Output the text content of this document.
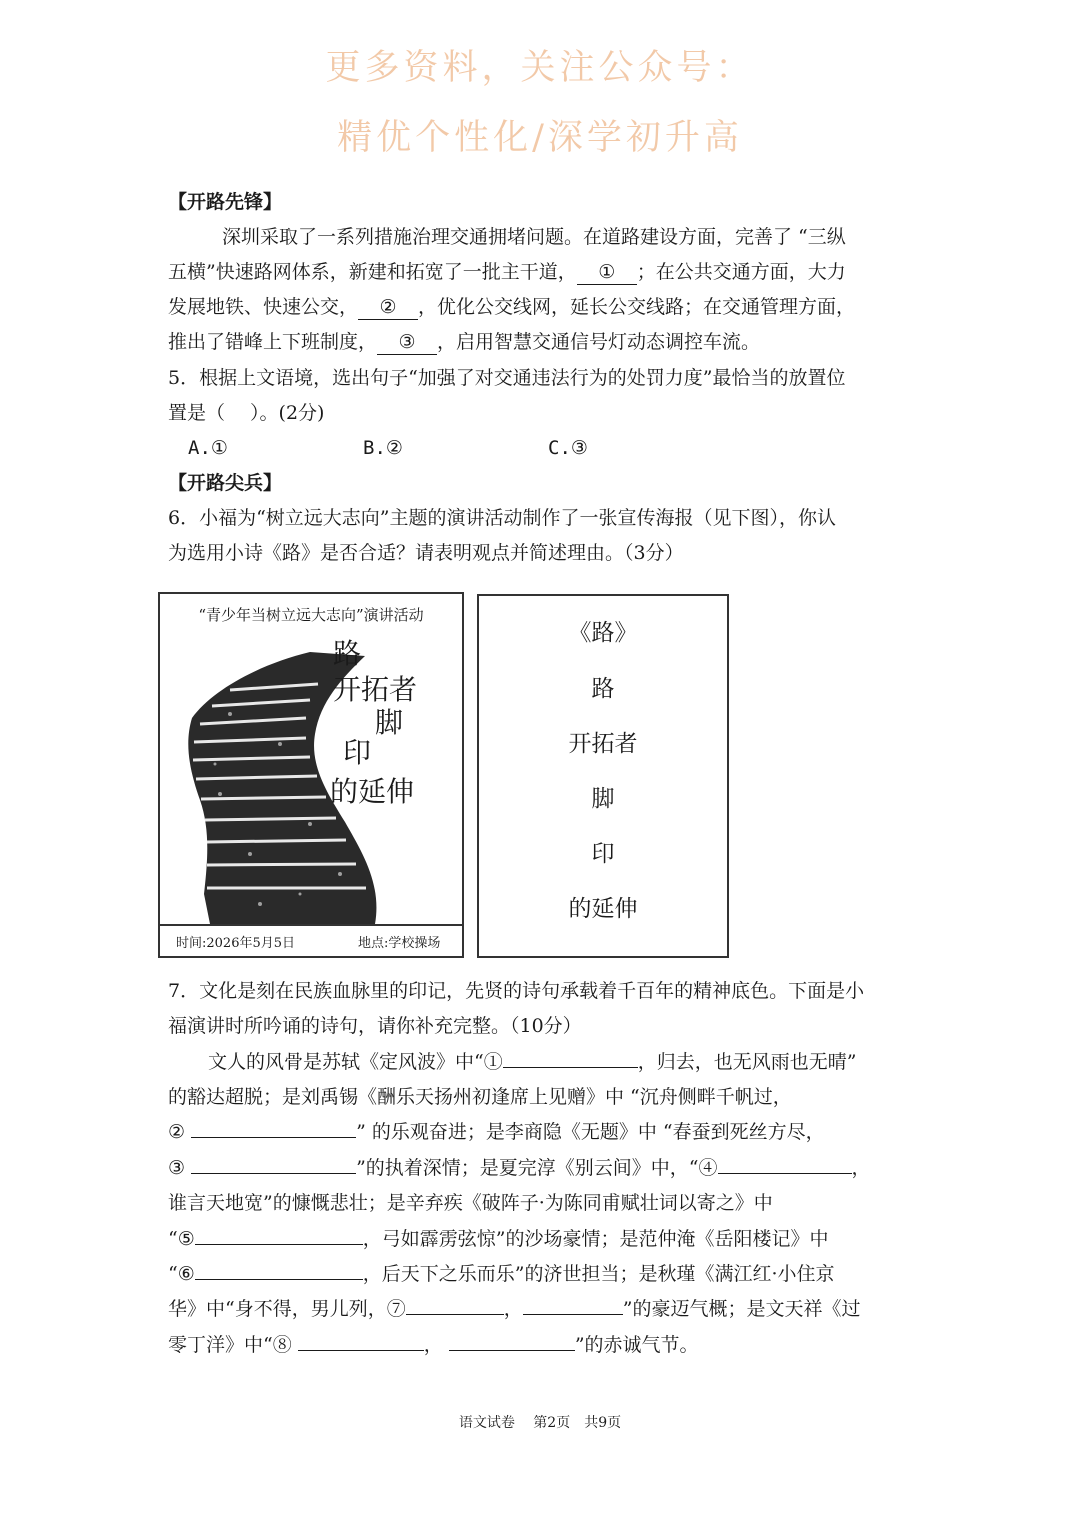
更多资料，关注公众号：
精优个性化/深学初升高
【开路先锋】
深圳采取了一系列措施治理交通拥堵问题。在道路建设方面，完善了 “三纵
五横”快速路网体系，新建和拓宽了一批主干道， ① ；在公共交通方面，大力
发展地铁、快速公交， ② ，优化公交线网，延长公交线路；在交通管理方面，
推出了错峰上下班制度， ③ ，启用智慧交通信号灯动态调控车流。
5．根据上文语境，选出句子“加强了对交通违法行为的处罚力度”最恰当的放置位
置是（　 ）。(2分)
A.①	B.②	C.③
【开路尖兵】
6．小福为“树立远大志向”主题的演讲活动制作了一张宣传海报（见下图），你认
为选用小诗《路》是否合适？请表明观点并简述理由。（3分）
“青少年当树立远大志向”演讲活动
路
开拓者
脚
印
的延伸
时间:2026年5月5日	地点:学校操场
《路》
路
开拓者
脚
印
的延伸
7．文化是刻在民族血脉里的印记，先贤的诗句承载着千百年的精神底色。下面是小
福演讲时所吟诵的诗句，请你补充完整。（10分）
文人的风骨是苏轼《定风波》中“①	，归去，也无风雨也无晴”
的豁达超脱；是刘禹锡《酬乐天扬州初逢席上见赠》中 “沉舟侧畔千帆过，
②	” 的乐观奋进；是李商隐《无题》中 “春蚕到死丝方尽，
③	”的执着深情；是夏完淳《别云间》中，“④	，
谁言天地宽”的慷慨悲壮；是辛弃疾《破阵子·为陈同甫赋壮词以寄之》中
“⑤	，弓如霹雳弦惊”的沙场豪情；是范仲淹《岳阳楼记》中
“⑥	，后天下之乐而乐”的济世担当；是秋瑾《满江红·小住京
华》中“身不得，男儿列，⑦	，	”的豪迈气概；是文天祥《过
零丁洋》中“⑧	，	”的赤诚气节。
语文试卷　 第2页　共9页
